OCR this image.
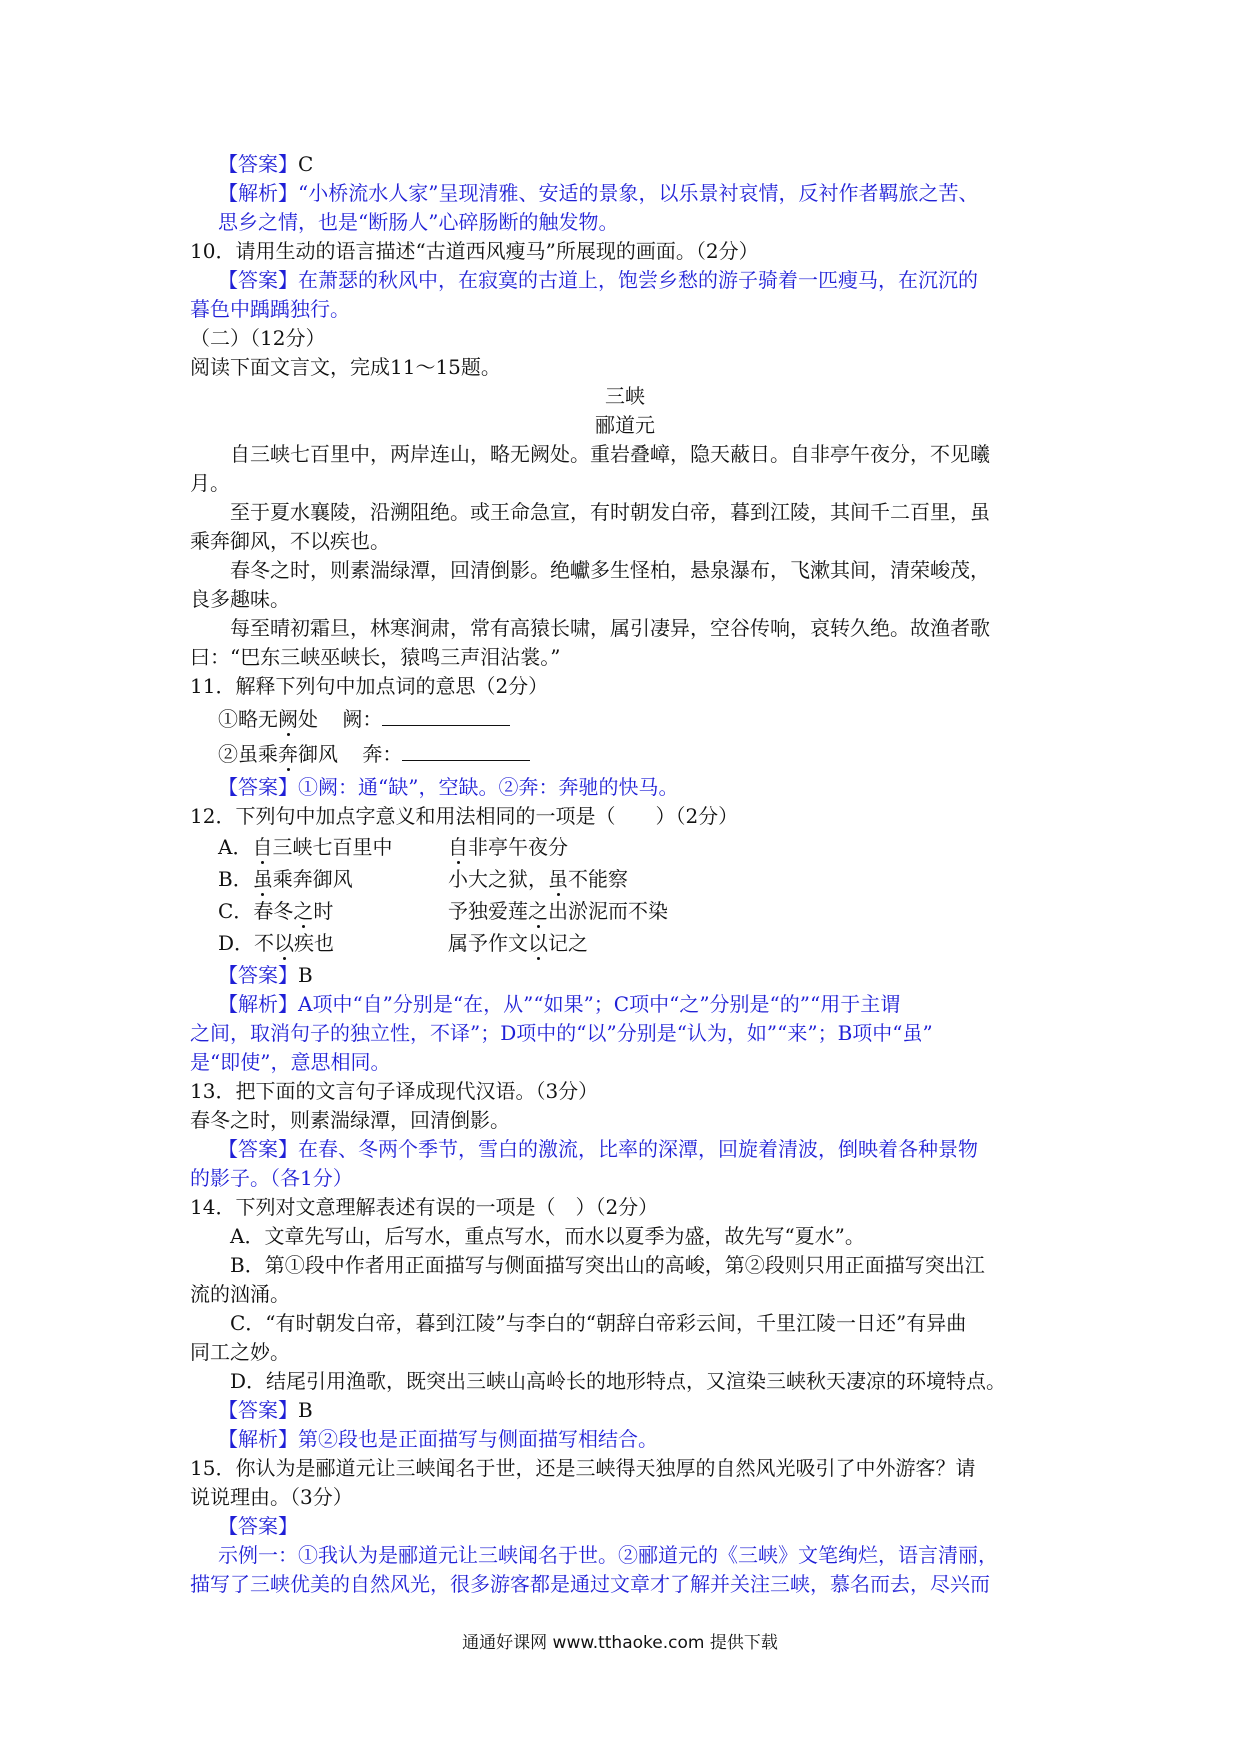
【答案】C
【解析】“小桥流水人家”呈现清雅、安适的景象，以乐景衬哀情，反衬作者羁旅之苦、
思乡之情，也是“断肠人”心碎肠断的触发物。
10．请用生动的语言描述“古道西风瘦马”所展现的画面。（2分）
【答案】在萧瑟的秋风中，在寂寞的古道上，饱尝乡愁的游子骑着一匹瘦马，在沉沉的
暮色中踽踽独行。
（二）（12分）
阅读下面文言文，完成11～15题。
三峡
郦道元
自三峡七百里中，两岸连山，略无阙处。重岩叠嶂，隐天蔽日。自非亭午夜分，不见曦
月。
至于夏水襄陵，沿溯阻绝。或王命急宣，有时朝发白帝，暮到江陵，其间千二百里，虽
乘奔御风，不以疾也。
春冬之时，则素湍绿潭，回清倒影。绝巘多生怪柏，悬泉瀑布，飞漱其间，清荣峻茂，
良多趣味。
每至晴初霜旦，林寒涧肃，常有高猿长啸，属引凄异，空谷传响，哀转久绝。故渔者歌
曰：“巴东三峡巫峡长，猿鸣三声泪沾裳。”
11．解释下列句中加点词的意思（2分）
①略无阙处 阙：
②虽乘奔御风 奔：
【答案】①阙：通“缺”，空缺。②奔：奔驰的快马。
12．下列句中加点字意义和用法相同的一项是（　　）（2分）
A．自三峡七百里中	自非亭午夜分
B．虽乘奔御风	小大之狱，虽不能察
C．春冬之时	予独爱莲之出淤泥而不染
D．不以疾也	属予作文以记之
【答案】B
【解析】A项中“自”分别是“在，从”“如果”；C项中“之”分别是“的”“用于主谓
之间，取消句子的独立性，不译”；D项中的“以”分别是“认为，如”“来”；B项中“虽”
是“即使”，意思相同。
13．把下面的文言句子译成现代汉语。（3分）
春冬之时，则素湍绿潭，回清倒影。
【答案】在春、冬两个季节，雪白的激流，比率的深潭，回旋着清波，倒映着各种景物
的影子。（各1分）
14．下列对文意理解表述有误的一项是（　）（2分）
A．文章先写山，后写水，重点写水，而水以夏季为盛，故先写“夏水”。
B．第①段中作者用正面描写与侧面描写突出山的高峻，第②段则只用正面描写突出江
流的汹涌。
C．“有时朝发白帝，暮到江陵”与李白的“朝辞白帝彩云间，千里江陵一日还”有异曲
同工之妙。
D．结尾引用渔歌，既突出三峡山高岭长的地形特点，又渲染三峡秋天凄凉的环境特点。
【答案】B
【解析】第②段也是正面描写与侧面描写相结合。
15．你认为是郦道元让三峡闻名于世，还是三峡得天独厚的自然风光吸引了中外游客？请
说说理由。（3分）
【答案】
示例一：①我认为是郦道元让三峡闻名于世。②郦道元的《三峡》文笔绚烂，语言清丽，
描写了三峡优美的自然风光，很多游客都是通过文章才了解并关注三峡，慕名而去，尽兴而
通通好课网 www.tthaoke.com 提供下载
